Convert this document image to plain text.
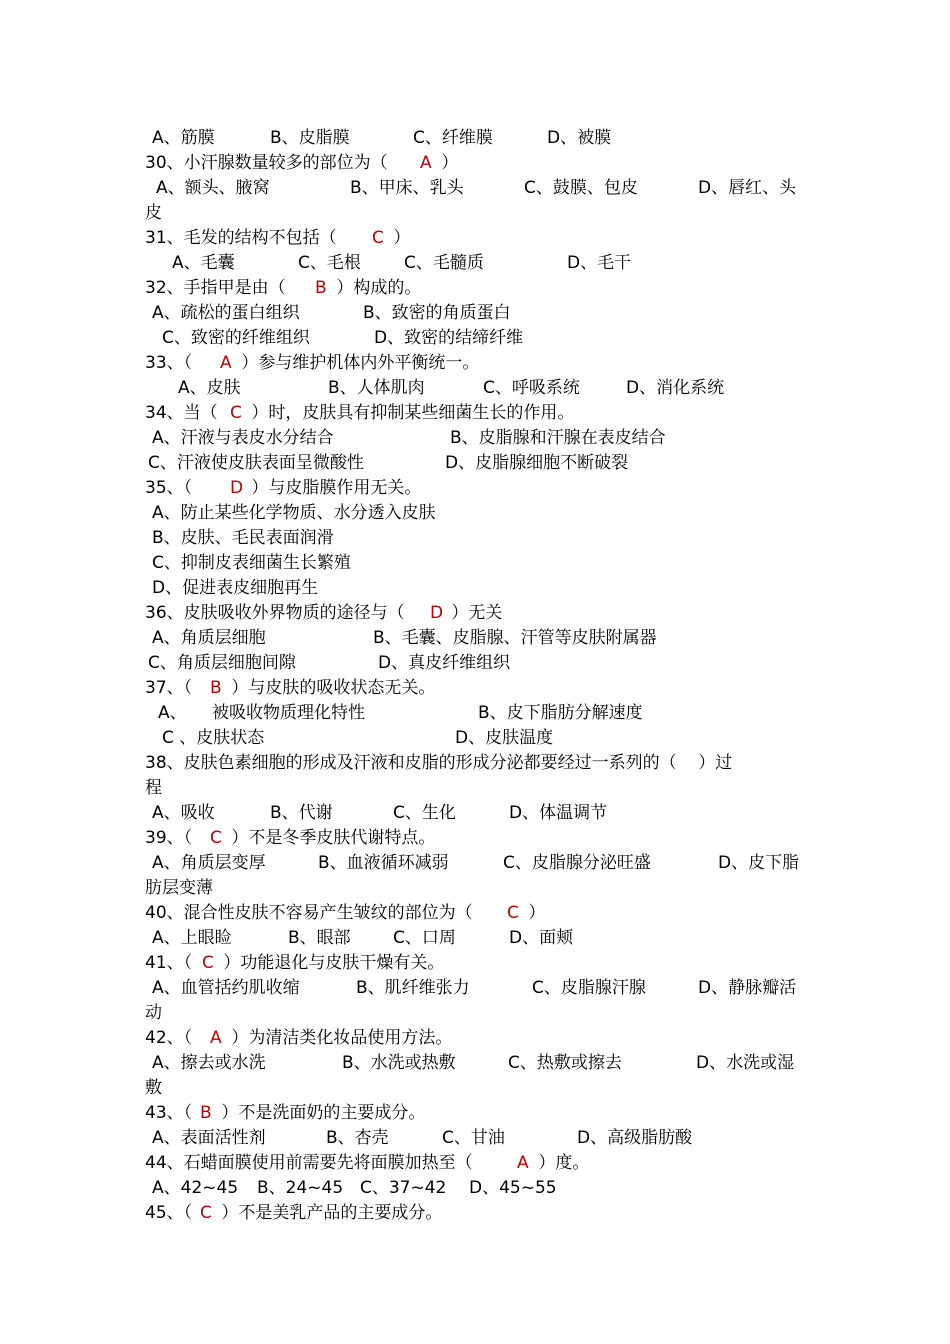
A、筋膜	B、皮脂膜	C、纤维膜	D、被膜
30、小汗腺数量较多的部位为（ A ）
A、额头、腋窝	B、甲床、乳头	C、鼓膜、包皮	D、唇红、头
皮
31、毛发的结构不包括（ C ）
A、毛囊	C、毛根	C、毛髓质	D、毛干
32、手指甲是由（ B ）构成的。
A、疏松的蛋白组织	B、致密的角质蛋白
C、致密的纤维组织	D、致密的结缔纤维
33、（ A ）参与维护机体内外平衡统一。
A、皮肤	B、人体肌肉	C、呼吸系统	D、消化系统
34、当（ C ）时，皮肤具有抑制某些细菌生长的作用。
A、汗液与表皮水分结合	B、皮脂腺和汗腺在表皮结合
C、汗液使皮肤表面呈微酸性	D、皮脂腺细胞不断破裂
35、（ D ）与皮脂膜作用无关。
A、防止某些化学物质、水分透入皮肤
B、皮肤、毛民表面润滑
C、抑制皮表细菌生长繁殖
D、促进表皮细胞再生
36、皮肤吸收外界物质的途径与（ D ）无关
A、角质层细胞	B、毛囊、皮脂腺、汗管等皮肤附属器
C、角质层细胞间隙	D、真皮纤维组织
37、（ B ）与皮肤的吸收状态无关。
A、 被吸收物质理化特性	B、皮下脂肪分解速度
C 、皮肤状态	D、皮肤温度
38、皮肤色素细胞的形成及汗液和皮脂的形成分泌都要经过一系列的（    ）过
程
A、吸收	B、代谢	C、生化	D、体温调节
39、（ C ）不是冬季皮肤代谢特点。
A、角质层变厚	B、血液循环减弱	C、皮脂腺分泌旺盛	D、皮下脂
肪层变薄
40、混合性皮肤不容易产生皱纹的部位为（ C ）
A、上眼睑	B、眼部 C、口周	D、面颊
41、（ C ）功能退化与皮肤干燥有关。
A、血管括约肌收缩	B、肌纤维张力	C、皮脂腺汗腺	D、静脉瓣活
动
42、（ A ）为清洁类化妆品使用方法。
A、擦去或水洗	B、水洗或热敷	C、热敷或擦去	D、水洗或湿
敷
43、（ B ）不是洗面奶的主要成分。
A、表面活性剂	B、杏壳	C、甘油	D、高级脂肪酸
44、石蜡面膜使用前需要先将面膜加热至（ A ）度。
A、42~45 B、24~45 C、37~42 D、45~55
45、（ C ）不是美乳产品的主要成分。
